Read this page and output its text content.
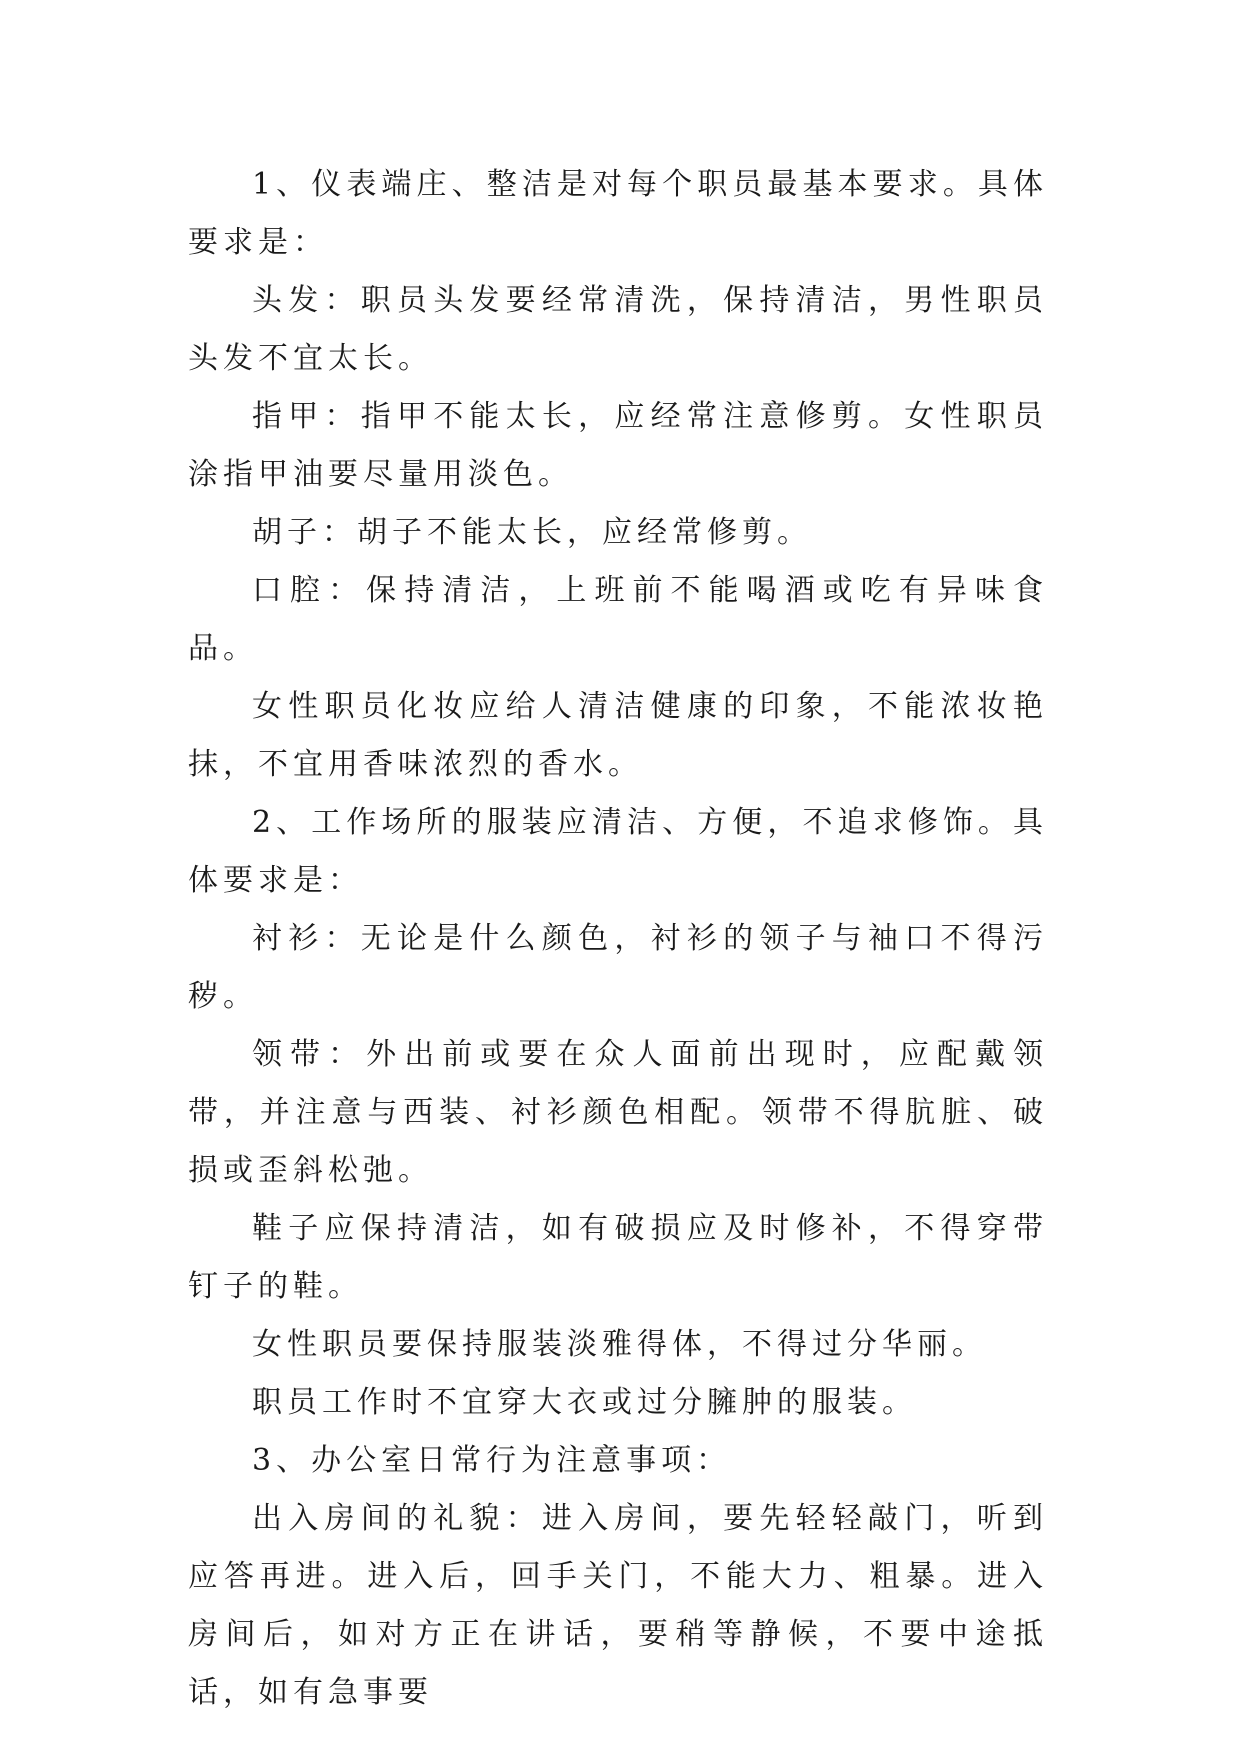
1、仪表端庄、整洁是对每个职员最基本要求。具体要求是：

头发：职员头发要经常清洗，保持清洁，男性职员头发不宜太长。

指甲：指甲不能太长，应经常注意修剪。女性职员涂指甲油要尽量用淡色。

胡子：胡子不能太长，应经常修剪。

口腔：保持清洁，上班前不能喝酒或吃有异味食品。

女性职员化妆应给人清洁健康的印象，不能浓妆艳抹，不宜用香味浓烈的香水。

2、工作场所的服装应清洁、方便，不追求修饰。具体要求是：

衬衫：无论是什么颜色，衬衫的领子与袖口不得污秽。

领带：外出前或要在众人面前出现时，应配戴领带，并注意与西装、衬衫颜色相配。领带不得肮脏、破损或歪斜松弛。

鞋子应保持清洁，如有破损应及时修补，不得穿带钉子的鞋。

女性职员要保持服装淡雅得体，不得过分华丽。

职员工作时不宜穿大衣或过分臃肿的服装。

3、办公室日常行为注意事项：

出入房间的礼貌：进入房间，要先轻轻敲门，听到应答再进。进入后，回手关门，不能大力、粗暴。进入房间后，如对方正在讲话，要稍等静候，不要中途抵话，如有急事要
